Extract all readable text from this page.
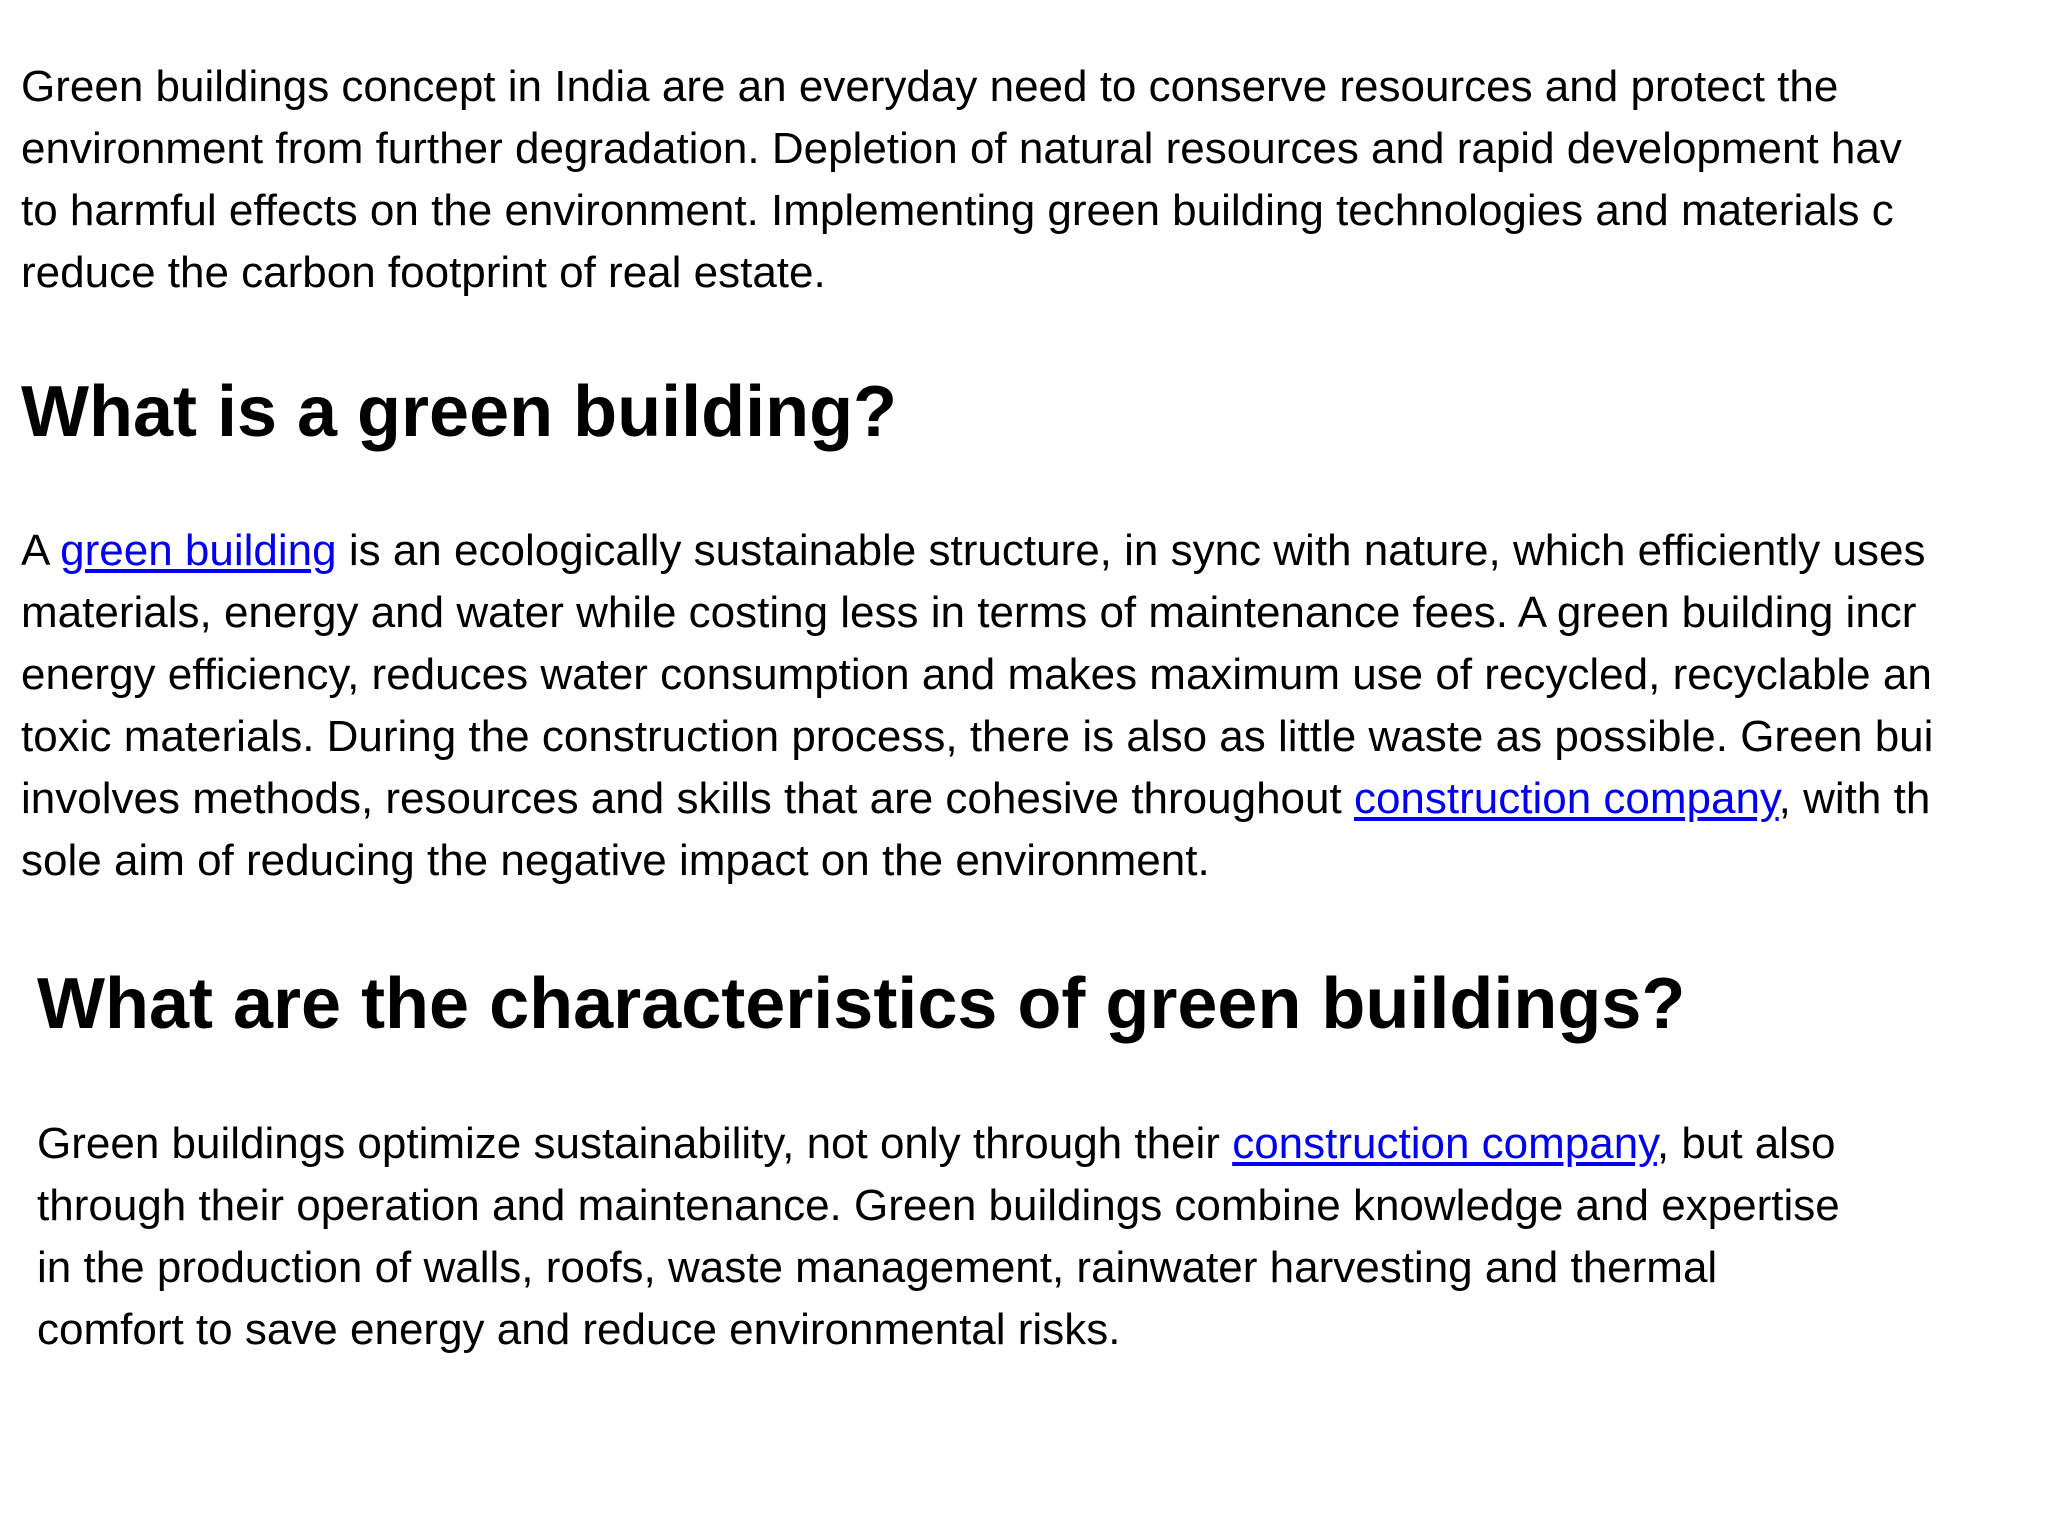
Green buildings concept in India are an everyday need to conserve resources and protect the
environment from further degradation. Depletion of natural resources and rapid development hav
to harmful effects on the environment. Implementing green building technologies and materials c
reduce the carbon footprint of real estate.
What is a green building?
A green building is an ecologically sustainable structure, in sync with nature, which efficiently uses
materials, energy and water while costing less in terms of maintenance fees. A green building incr
energy efficiency, reduces water consumption and makes maximum use of recycled, recyclable an
toxic materials. During the construction process, there is also as little waste as possible. Green bui
involves methods, resources and skills that are cohesive throughout construction company, with th
sole aim of reducing the negative impact on the environment.
What are the characteristics of green buildings?
Green buildings optimize sustainability, not only through their construction company, but also
through their operation and maintenance. Green buildings combine knowledge and expertise
in the production of walls, roofs, waste management, rainwater harvesting and thermal
comfort to save energy and reduce environmental risks.
